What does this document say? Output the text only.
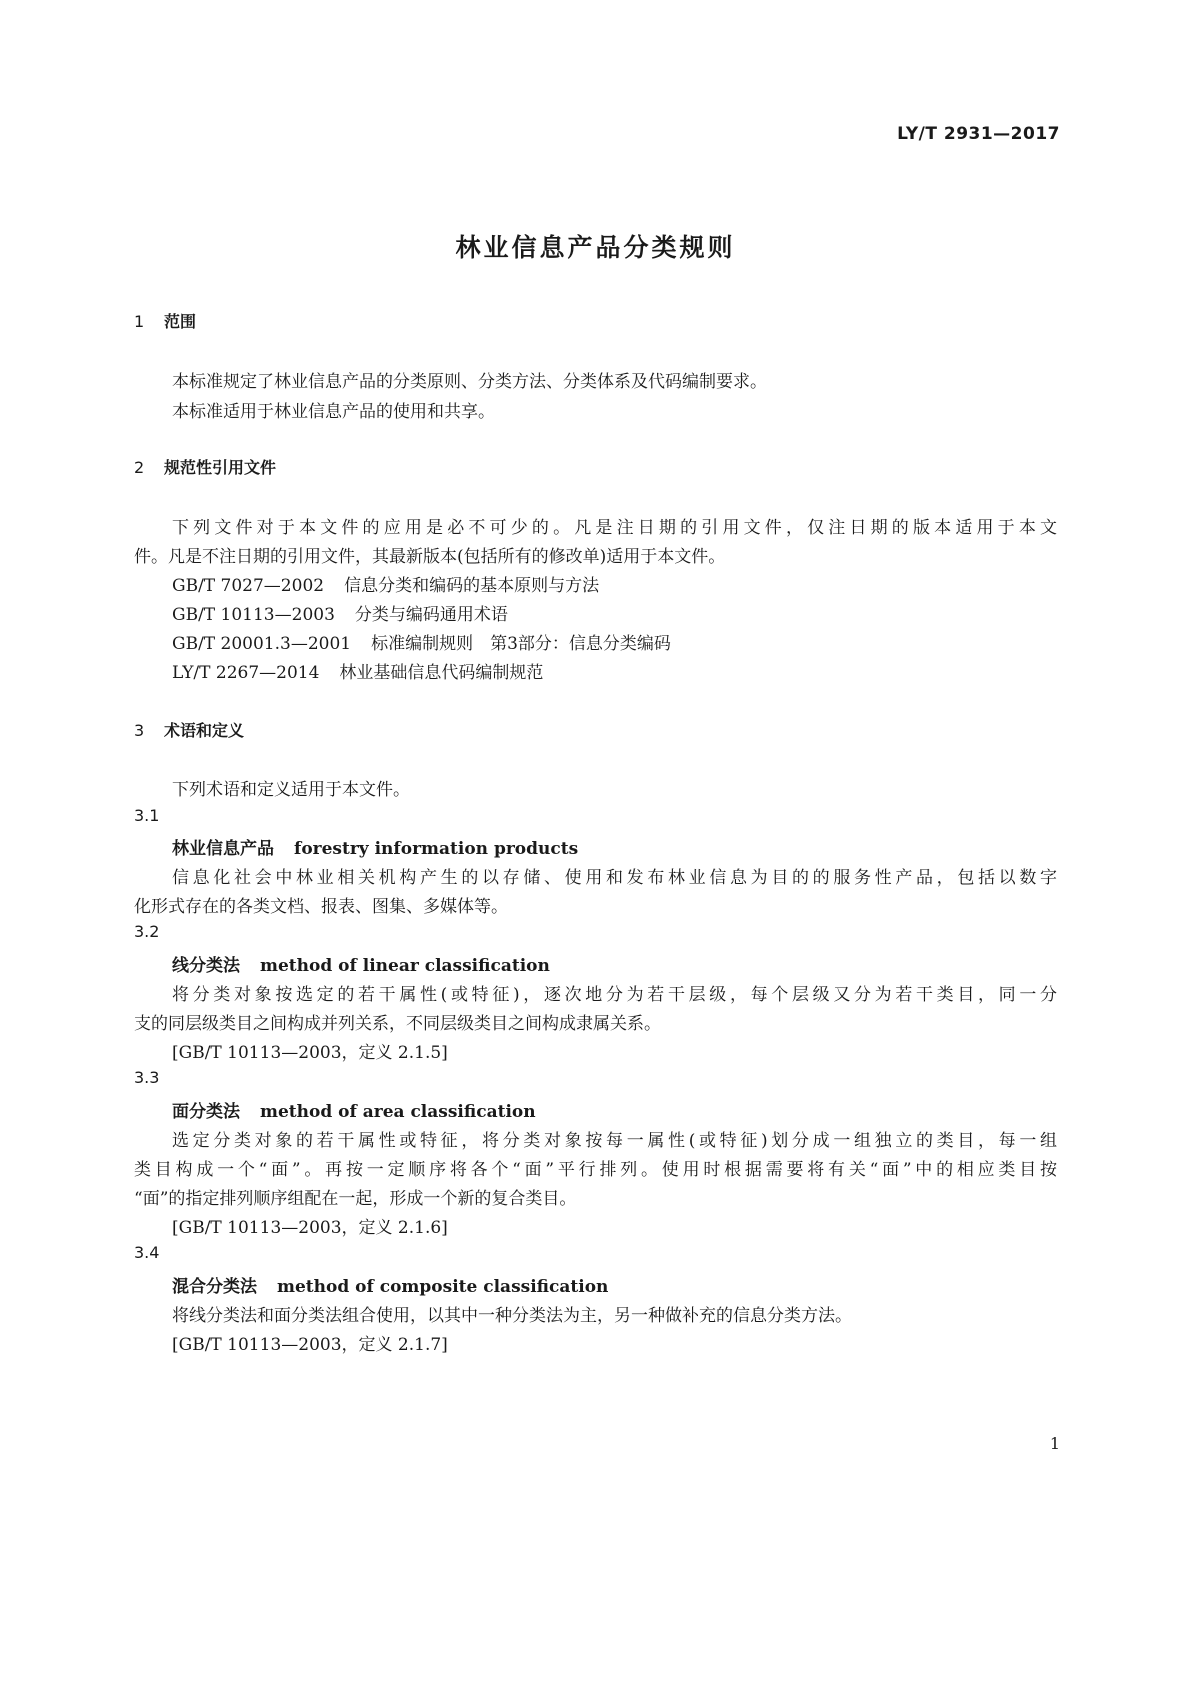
LY/T 2931—2017
林业信息产品分类规则
1 范围
本标准规定了林业信息产品的分类原则、分类方法、分类体系及代码编制要求。
本标准适用于林业信息产品的使用和共享。
2 规范性引用文件
下列文件对于本文件的应用是必不可少的。凡是注日期的引用文件，仅注日期的版本适用于本文
件。凡是不注日期的引用文件，其最新版本(包括所有的修改单)适用于本文件。
GB/T 7027—2002 信息分类和编码的基本原则与方法
GB/T 10113—2003 分类与编码通用术语
GB/T 20001.3—2001 标准编制规则　第3部分：信息分类编码
LY/T 2267—2014 林业基础信息代码编制规范
3 术语和定义
下列术语和定义适用于本文件。
3.1
林业信息产品 forestry information products
信息化社会中林业相关机构产生的以存储、使用和发布林业信息为目的的服务性产品，包括以数字
化形式存在的各类文档、报表、图集、多媒体等。
3.2
线分类法 method of linear classification
将分类对象按选定的若干属性(或特征)，逐次地分为若干层级，每个层级又分为若干类目，同一分
支的同层级类目之间构成并列关系，不同层级类目之间构成隶属关系。
[GB/T 10113—2003，定义 2.1.5]
3.3
面分类法 method of area classification
选定分类对象的若干属性或特征，将分类对象按每一属性(或特征)划分成一组独立的类目，每一组
类目构成一个“面”。再按一定顺序将各个“面”平行排列。使用时根据需要将有关“面”中的相应类目按
“面”的指定排列顺序组配在一起，形成一个新的复合类目。
[GB/T 10113—2003，定义 2.1.6]
3.4
混合分类法 method of composite classification
将线分类法和面分类法组合使用，以其中一种分类法为主，另一种做补充的信息分类方法。
[GB/T 10113—2003，定义 2.1.7]
1
